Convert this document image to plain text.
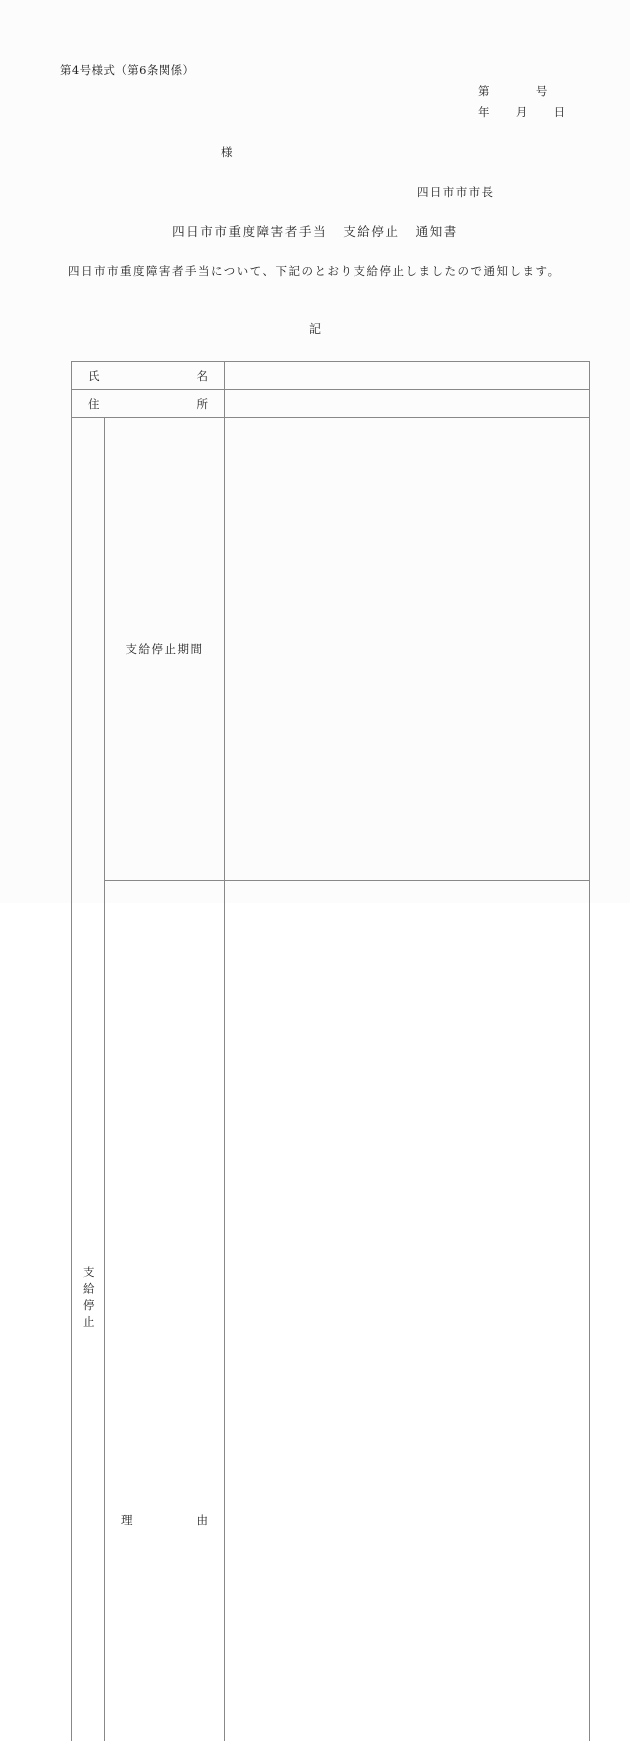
第4号様式（第6条関係）
第	号
年 月 日
様
四日市市市長
四日市市重度障害者手当 支給停止 通知書
四日市市重度障害者手当について、下記のとおり支給停止しましたので通知します。
記
氏 名		

住 所		

支給停止	支給停止期間	

	理 由	
